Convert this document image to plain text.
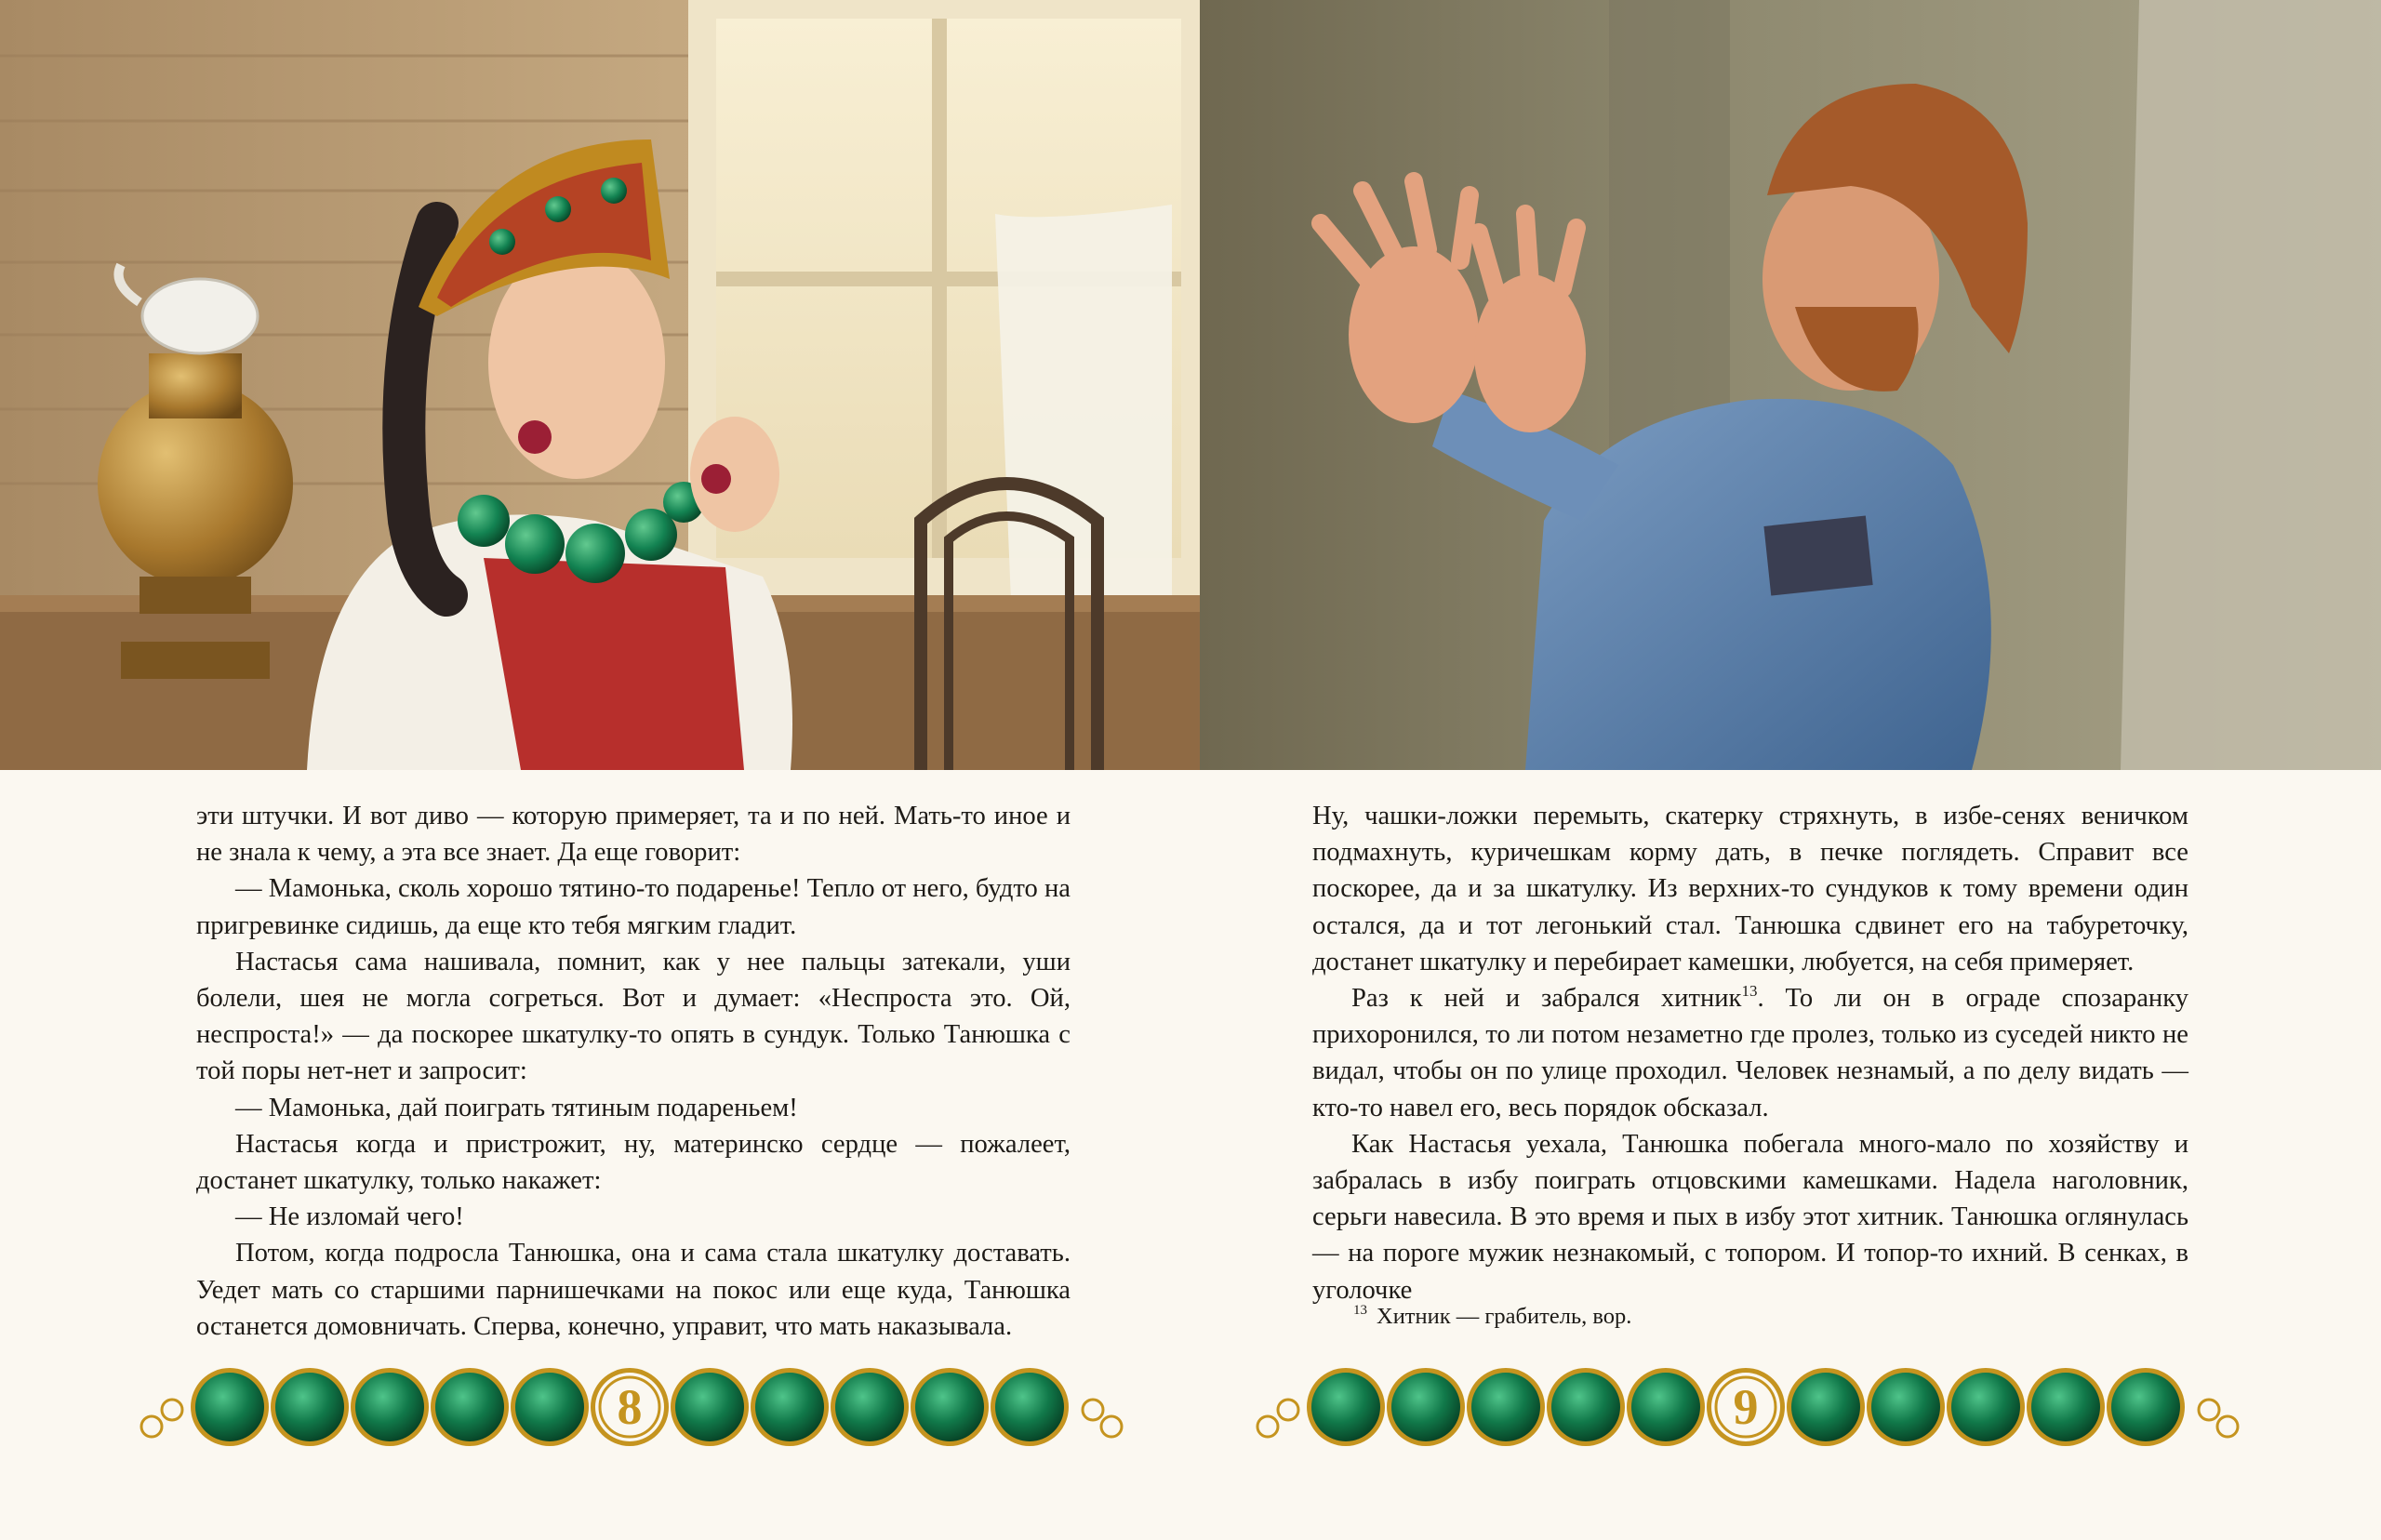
эти штучки. И вот диво — которую примеряет, та и по ней. Мать-то иное и не знала к чему, а эта все знает. Да еще говорит:

— Мамонька, сколь хорошо тятино-то подаренье! Тепло от него, будто на пригревинке сидишь, да еще кто тебя мягким гладит.

Настасья сама нашивала, помнит, как у нее пальцы затекали, уши болели, шея не могла согреться. Вот и думает: «Неспроста это. Ой, неспроста!» — да поскорее шкатулку-то опять в сундук. Только Танюшка с той поры нет-нет и запросит:

— Мамонька, дай поиграть тятиным подареньем!

Настасья когда и пристрожит, ну, материнско сердце — пожалеет, достанет шкатулку, только накажет:

— Не изломай чего!

Потом, когда подросла Танюшка, она и сама стала шкатулку доставать. Уедет мать со старшими парнишечками на покос или еще куда, Танюшка останется домовничать. Сперва, конечно, управит, что мать наказывала.

Ну, чашки-ложки перемыть, скатерку стряхнуть, в избе-сенях веничком подмахнуть, куричешкам корму дать, в печке поглядеть. Справит все поскорее, да и за шкатулку. Из верхних-то сундуков к тому времени один остался, да и тот легонький стал. Танюшка сдвинет его на табуреточку, достанет шкатулку и перебирает камешки, любуется, на себя примеряет.

Раз к ней и забрался хитник$^{13}$. То ли он в ограде спозаранку прихоронился, то ли потом незаметно где пролез, только из суседей никто не видал, чтобы он по улице проходил. Человек незнамый, а по делу видать — кто-то навел его, весь порядок обсказал.

Как Настасья уехала, Танюшка побегала много-мало по хозяйству и забралась в избу поиграть отцовскими камешками. Надела наголовник, серьги навесила. В это время и пых в избу этот хитник. Танюшка оглянулась — на пороге мужик незнакомый, с топором. И топор-то ихний. В сенках, в уголочке

$^{13}$ Хитник — грабитель, вор.
8	9
